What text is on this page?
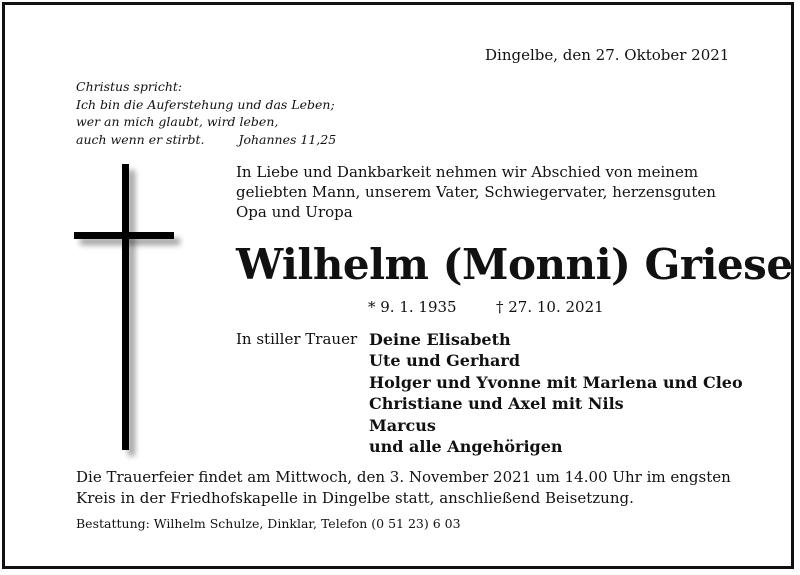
Dingelbe, den 27. Oktober 2021

Christus spricht:
Ich bin die Auferstehung und das Leben;
wer an mich glaubt, wird leben,
auch wenn er stirbt.	Johannes 11,25

In Liebe und Dankbarkeit nehmen wir Abschied von meinem geliebten Mann, unserem Vater, Schwiegervater, herzensguten Opa und Uropa

Wilhelm (Monni) Griese
* 9. 1. 1935	† 27. 10. 2021
In stiller Trauer Deine Elisabeth
Ute und Gerhard
Holger und Yvonne mit Marlena und Cleo
Christiane und Axel mit Nils
Marcus
und alle Angehörigen

Die Trauerfeier findet am Mittwoch, den 3. November 2021 um 14.00 Uhr im engsten Kreis in der Friedhofskapelle in Dingelbe statt, anschließend Beisetzung.

Bestattung: Wilhelm Schulze, Dinklar, Telefon (0 51 23) 6 03
